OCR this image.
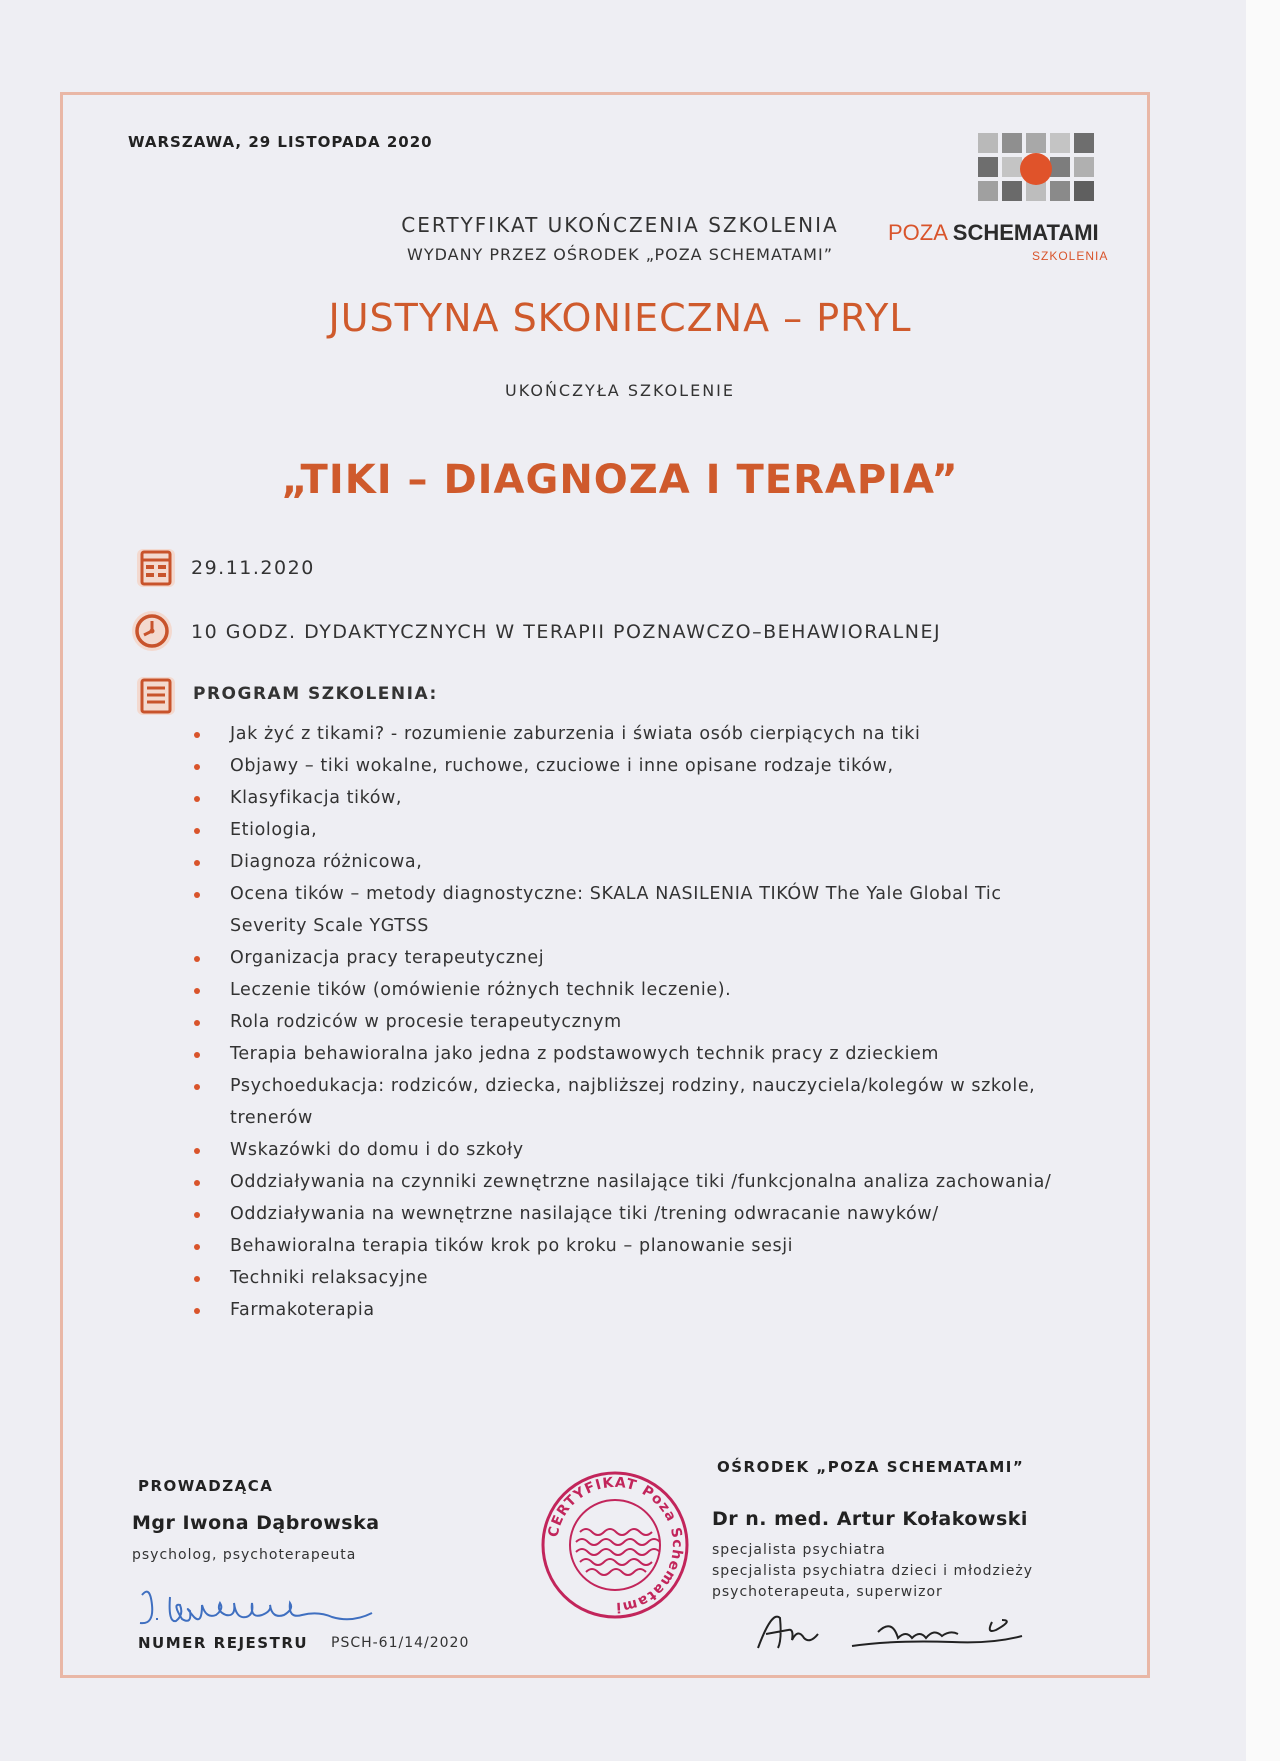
WARSZAWA, 29 LISTOPADA 2020
CERTYFIKAT UKOŃCZENIA SZKOLENIA
WYDANY PRZEZ OŚRODEK „POZA SCHEMATAMI”
JUSTYNA SKONIECZNA – PRYL
UKOŃCZYŁA SZKOLENIE
„TIKI – DIAGNOZA I TERAPIA”
POZA SCHEMATAMI
SZKOLENIA
29.11.2020
10 GODZ. DYDAKTYCZNYCH W TERAPII POZNAWCZO–BEHAWIORALNEJ
PROGRAM SZKOLENIA:
Jak żyć z tikami? - rozumienie zaburzenia i świata osób cierpiących na tiki
Objawy – tiki wokalne, ruchowe, czuciowe i inne opisane rodzaje tików,
Klasyfikacja tików,
Etiologia,
Diagnoza różnicowa,
Ocena tików – metody diagnostyczne: SKALA NASILENIA TIKÓW The Yale Global Tic Severity Scale YGTSS
Organizacja pracy terapeutycznej
Leczenie tików (omówienie różnych technik leczenie).
Rola rodziców w procesie terapeutycznym
Terapia behawioralna jako jedna z podstawowych technik pracy z dzieckiem
Psychoedukacja: rodziców, dziecka, najbliższej rodziny, nauczyciela/kolegów w szkole, trenerów
Wskazówki do domu i do szkoły
Oddziaływania na czynniki zewnętrzne nasilające tiki /funkcjonalna analiza zachowania/
Oddziaływania na wewnętrzne nasilające tiki /trening odwracanie nawyków/
Behawioralna terapia tików krok po kroku – planowanie sesji
Techniki relaksacyjne
Farmakoterapia
PROWADZĄCA
Mgr Iwona Dąbrowska
psycholog, psychoterapeuta
NUMER REJESTRU PSCH-61/14/2020
CERTYFIKAT Poza Schematami
OŚRODEK „POZA SCHEMATAMI”
Dr n. med. Artur Kołakowski
specjalista psychiatra
specjalista psychiatra dzieci i młodzieży
psychoterapeuta, superwizor
